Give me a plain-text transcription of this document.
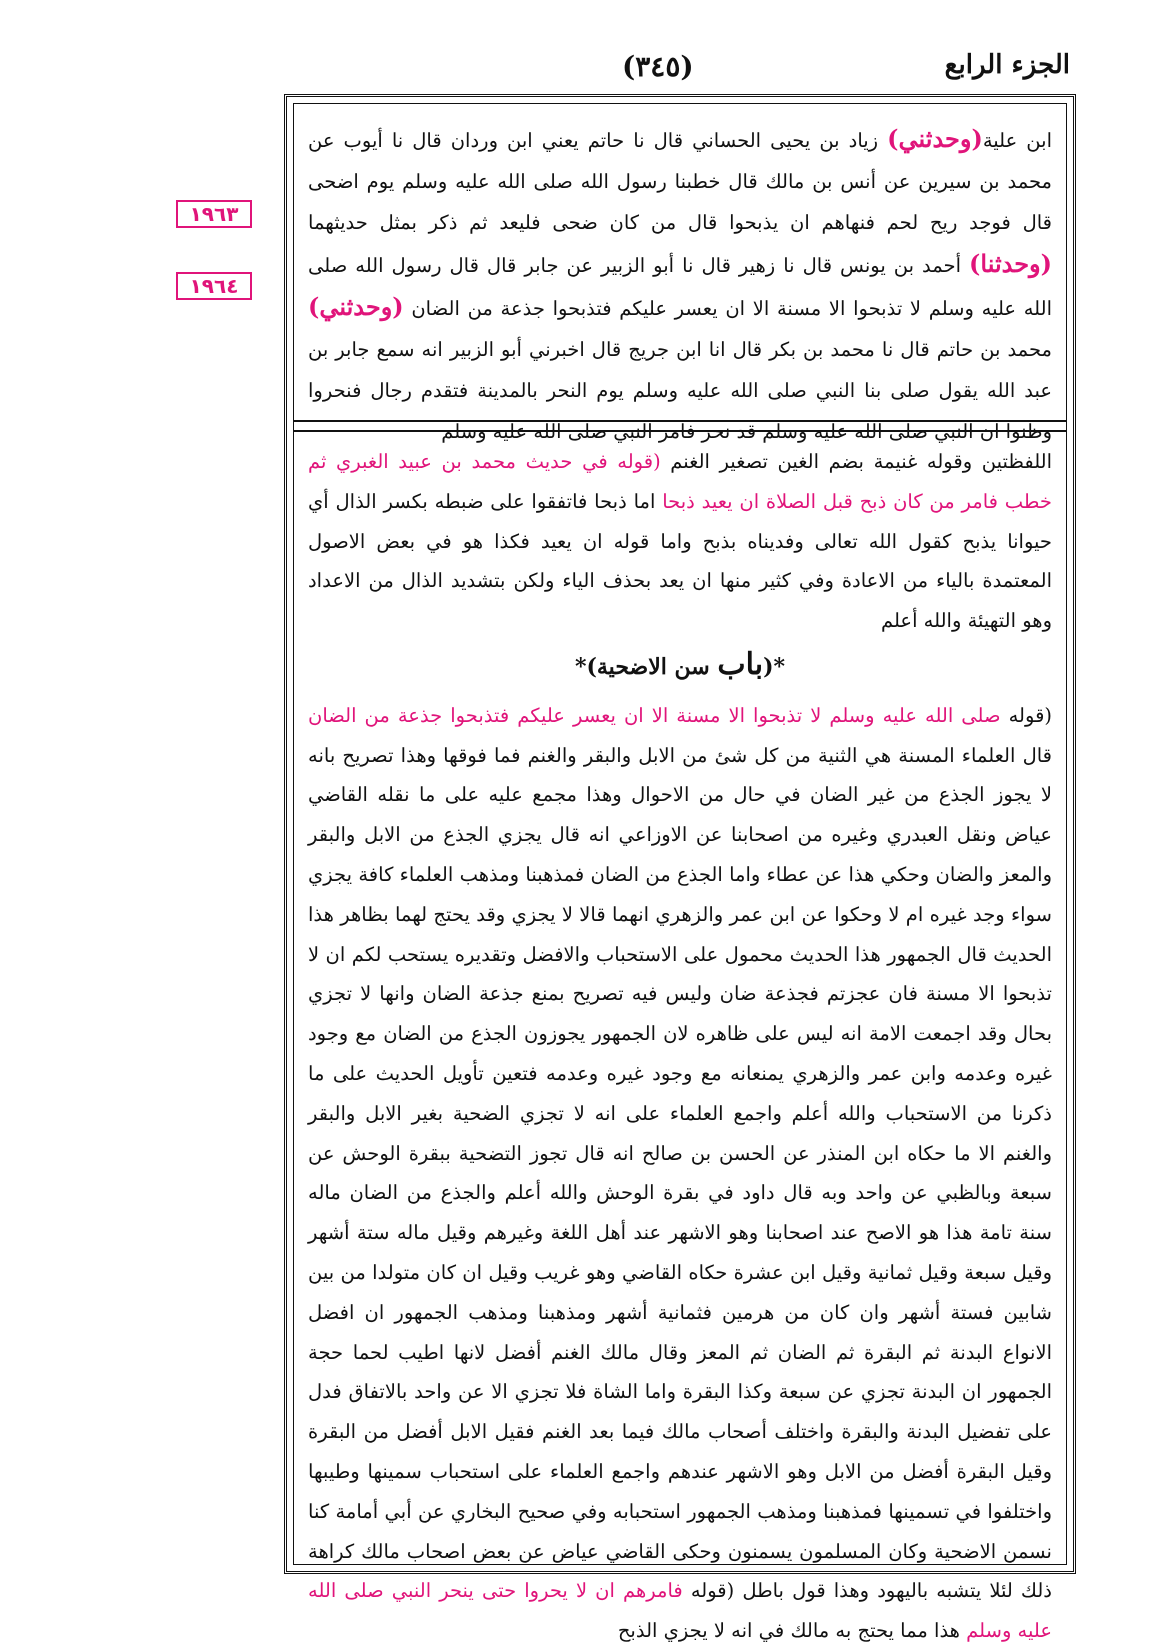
الجزء الرابع
(٣٤٥)
١٩٦٣
١٩٦٤

ابن علية(وحدثني) زياد بن يحيى الحساني قال نا حاتم يعني ابن وردان قال نا أيوب عن محمد بن سيرين عن أنس بن مالك قال خطبنا رسول الله صلى الله عليه وسلم يوم اضحى قال فوجد ريح لحم فنهاهم ان يذبحوا قال من كان ضحى فليعد ثم ذكر بمثل حديثهما (وحدثنا) أحمد بن يونس قال نا زهير قال نا أبو الزبير عن جابر قال قال رسول الله صلى الله عليه وسلم لا تذبحوا الا مسنة الا ان يعسر عليكم فتذبحوا جذعة من الضان (وحدثني) محمد بن حاتم قال نا محمد بن بكر قال انا ابن جريج قال اخبرني أبو الزبير انه سمع جابر بن عبد الله يقول صلى بنا النبي صلى الله عليه وسلم يوم النحر بالمدينة فتقدم رجال فنحروا وظنوا ان النبي صلى الله عليه وسلم قد نحر فامر النبي صلى الله عليه وسلم

اللفظتين وقوله غنيمة بضم الغين تصغير الغنم (قوله في حديث محمد بن عبيد الغبري ثم خطب فامر من كان ذبح قبل الصلاة ان يعيد ذبحا اما ذبحا فاتفقوا على ضبطه بكسر الذال أي حيوانا يذبح كقول الله تعالى وفديناه بذبح واما قوله ان يعيد فكذا هو في بعض الاصول المعتمدة بالياء من الاعادة وفي كثير منها ان يعد بحذف الياء ولكن بتشديد الذال من الاعداد وهو التهيئة والله أعلم

*(باب سن الاضحية)*

(قوله صلى الله عليه وسلم لا تذبحوا الا مسنة الا ان يعسر عليكم فتذبحوا جذعة من الضان قال العلماء المسنة هي الثنية من كل شئ من الابل والبقر والغنم فما فوقها وهذا تصريح بانه لا يجوز الجذع من غير الضان في حال من الاحوال وهذا مجمع عليه على ما نقله القاضي عياض ونقل العبدري وغيره من اصحابنا عن الاوزاعي انه قال يجزي الجذع من الابل والبقر والمعز والضان وحكي هذا عن عطاء واما الجذع من الضان فمذهبنا ومذهب العلماء كافة يجزي سواء وجد غيره ام لا وحكوا عن ابن عمر والزهري انهما قالا لا يجزي وقد يحتج لهما بظاهر هذا الحديث قال الجمهور هذا الحديث محمول على الاستحباب والافضل وتقديره يستحب لكم ان لا تذبحوا الا مسنة فان عجزتم فجذعة ضان وليس فيه تصريح بمنع جذعة الضان وانها لا تجزي بحال وقد اجمعت الامة انه ليس على ظاهره لان الجمهور يجوزون الجذع من الضان مع وجود غيره وعدمه وابن عمر والزهري يمنعانه مع وجود غيره وعدمه فتعين تأويل الحديث على ما ذكرنا من الاستحباب والله أعلم واجمع العلماء على انه لا تجزي الضحية بغير الابل والبقر والغنم الا ما حكاه ابن المنذر عن الحسن بن صالح انه قال تجوز التضحية ببقرة الوحش عن سبعة وبالظبي عن واحد وبه قال داود في بقرة الوحش والله أعلم والجذع من الضان ماله سنة تامة هذا هو الاصح عند اصحابنا وهو الاشهر عند أهل اللغة وغيرهم وقيل ماله ستة أشهر وقيل سبعة وقيل ثمانية وقيل ابن عشرة حكاه القاضي وهو غريب وقيل ان كان متولدا من بين شابين فستة أشهر وان كان من هرمين فثمانية أشهر ومذهبنا ومذهب الجمهور ان افضل الانواع البدنة ثم البقرة ثم الضان ثم المعز وقال مالك الغنم أفضل لانها اطيب لحما حجة الجمهور ان البدنة تجزي عن سبعة وكذا البقرة واما الشاة فلا تجزي الا عن واحد بالاتفاق فدل على تفضيل البدنة والبقرة واختلف أصحاب مالك فيما بعد الغنم فقيل الابل أفضل من البقرة وقيل البقرة أفضل من الابل وهو الاشهر عندهم واجمع العلماء على استحباب سمينها وطيبها واختلفوا في تسمينها فمذهبنا ومذهب الجمهور استحبابه وفي صحيح البخاري عن أبي أمامة كنا نسمن الاضحية وكان المسلمون يسمنون وحكى القاضي عياض عن بعض اصحاب مالك كراهة ذلك لئلا يتشبه باليهود وهذا قول باطل (قوله فامرهم ان لا يحروا حتى ينحر النبي صلى الله عليه وسلم هذا مما يحتج به مالك في انه لا يجزي الذبح
